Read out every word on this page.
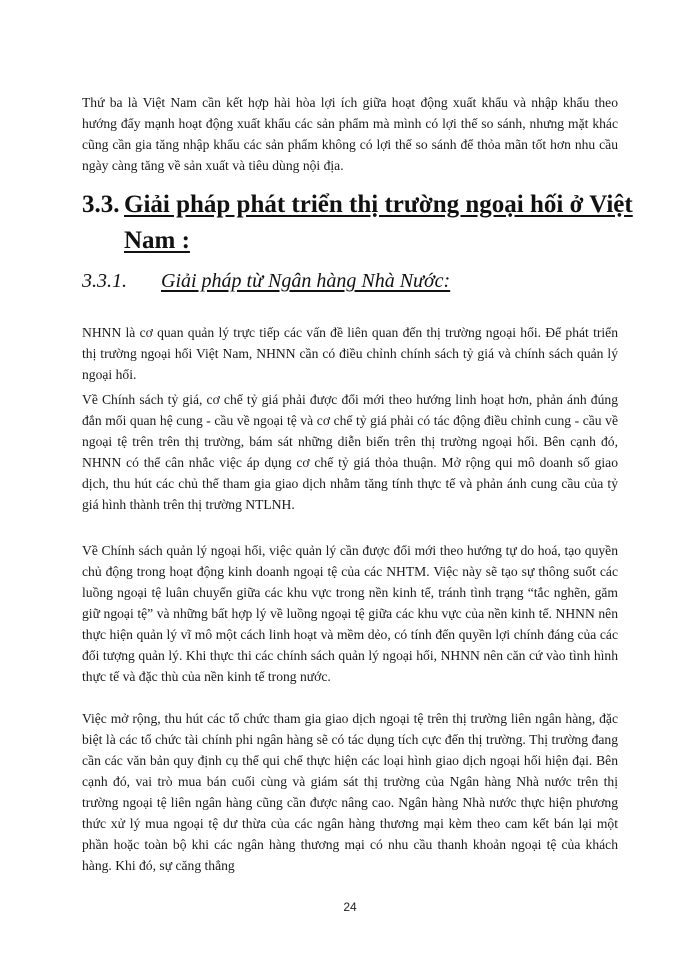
Thứ ba là Việt Nam cần kết hợp hài hòa lợi ích giữa hoạt động xuất khẩu và nhập khẩu theo hướng đẩy mạnh hoạt động xuất khẩu các sản phẩm mà mình có lợi thế so sánh, nhưng mặt khác cũng cần gia tăng nhập khẩu các sản phẩm không có lợi thế so sánh để thỏa mãn tốt hơn nhu cầu ngày càng tăng về sản xuất và tiêu dùng nội địa.

3.3. Giải pháp phát triển thị trường ngoại hối ở Việt Nam :
3.3.1. Giải pháp từ Ngân hàng Nhà Nước:

NHNN là cơ quan quản lý trực tiếp các vấn đề liên quan đến thị trường ngoại hối. Để phát triển thị trường ngoại hối Việt Nam, NHNN cần có điều chỉnh chính sách tỷ giá và chính sách quản lý ngoại hối.

Về Chính sách tỷ giá, cơ chế tỷ giá phải được đổi mới theo hướng linh hoạt hơn, phản ánh đúng đắn mối quan hệ cung - cầu về ngoại tệ và cơ chế tỷ giá phải có tác động điều chỉnh cung - cầu về ngoại tệ trên trên thị trường, bám sát những diễn biến trên thị trường ngoại hối. Bên cạnh đó, NHNN có thể cân nhắc việc áp dụng cơ chế tỷ giá thỏa thuận. Mở rộng qui mô doanh số giao dịch, thu hút các chủ thể tham gia giao dịch nhằm tăng tính thực tế và phản ánh cung cầu của tỷ giá hình thành trên thị trường NTLNH.

Về Chính sách quản lý ngoại hối, việc quản lý cần được đổi mới theo hướng tự do hoá, tạo quyền chủ động trong hoạt động kinh doanh ngoại tệ của các NHTM. Việc này sẽ tạo sự thông suốt các luồng ngoại tệ luân chuyển giữa các khu vực trong nền kinh tế, tránh tình trạng “tắc nghẽn, găm giữ ngoại tệ” và những bất hợp lý về luồng ngoại tệ giữa các khu vực của nền kinh tế. NHNN nên thực hiện quản lý vĩ mô một cách linh hoạt và mềm dẻo, có tính đến quyền lợi chính đáng của các đối tượng quản lý. Khi thực thi các chính sách quản lý ngoại hối, NHNN nên căn cứ vào tình hình thực tế và đặc thù của nền kinh tế trong nước.

Việc mở rộng, thu hút các tổ chức tham gia giao dịch ngoại tệ trên thị trường liên ngân hàng, đặc biệt là các tổ chức tài chính phi ngân hàng sẽ có tác dụng tích cực đến thị trường. Thị trường đang cần các văn bản quy định cụ thể qui chế thực hiện các loại hình giao dịch ngoại hối hiện đại. Bên cạnh đó, vai trò mua bán cuối cùng và giám sát thị trường của Ngân hàng Nhà nước trên thị trường ngoại tệ liên ngân hàng cũng cần được nâng cao. Ngân hàng Nhà nước thực hiện phương thức xử lý mua ngoại tệ dư thừa của các ngân hàng thương mại kèm theo cam kết bán lại một phần hoặc toàn bộ khi các ngân hàng thương mại có nhu cầu thanh khoản ngoại tệ của khách hàng. Khi đó, sự căng thẳng

24
